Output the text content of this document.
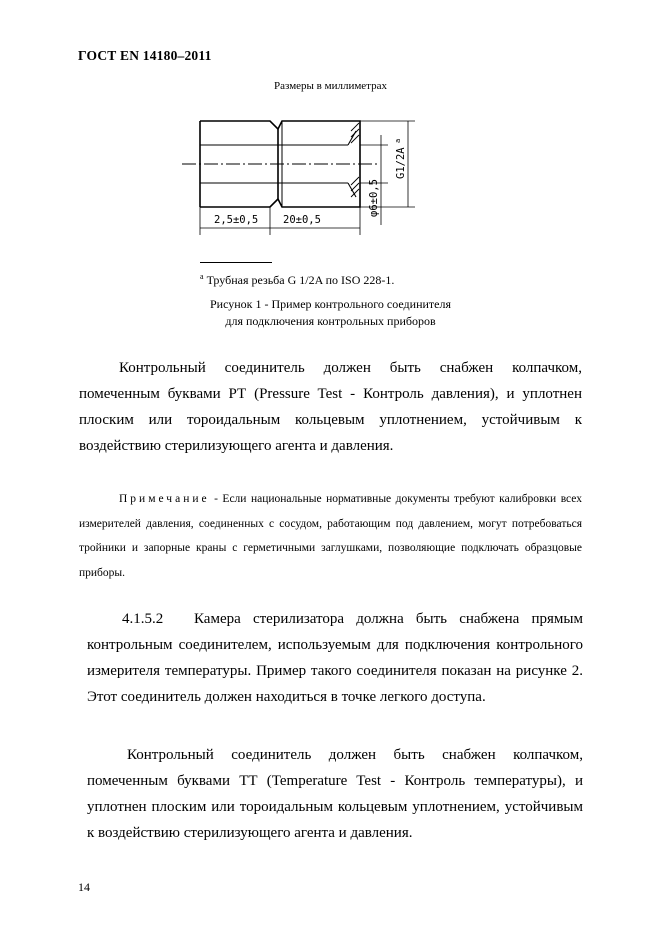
ГОСТ EN 14180–2011
Размеры в миллиметрах
2,5±0,5 20±0,5
φ6±0,5
G1/2A
a
$^a$ Трубная резьба G 1/2A по ISO 228-1.
Рисунок 1 - Пример контрольного соединителя
для подключения контрольных приборов
Контрольный соединитель должен быть снабжен колпачком, помеченным буквами РТ (Pressure Test - Контроль давления), и уплотнен плоским или тороидальным кольцевым уплотнением, устойчивым к воздействию стерилизующего агента и давления.
Примечание - Если национальные нормативные документы требуют калибровки всех измерителей давления, соединенных с сосудом, работающим под давлением, могут потребоваться тройники и запорные краны с герметичными заглушками, позволяющие подключать образцовые приборы.
4.1.5.2 Камера стерилизатора должна быть снабжена прямым контрольным соединителем, используемым для подключения контрольного измерителя температуры. Пример такого соединителя показан на рисунке 2. Этот соединитель должен находиться в точке легкого доступа.
Контрольный соединитель должен быть снабжен колпачком, помеченным буквами ТТ (Temperature Test - Контроль температуры), и уплотнен плоским или тороидальным кольцевым уплотнением, устойчивым к воздействию стерилизующего агента и давления.
14
